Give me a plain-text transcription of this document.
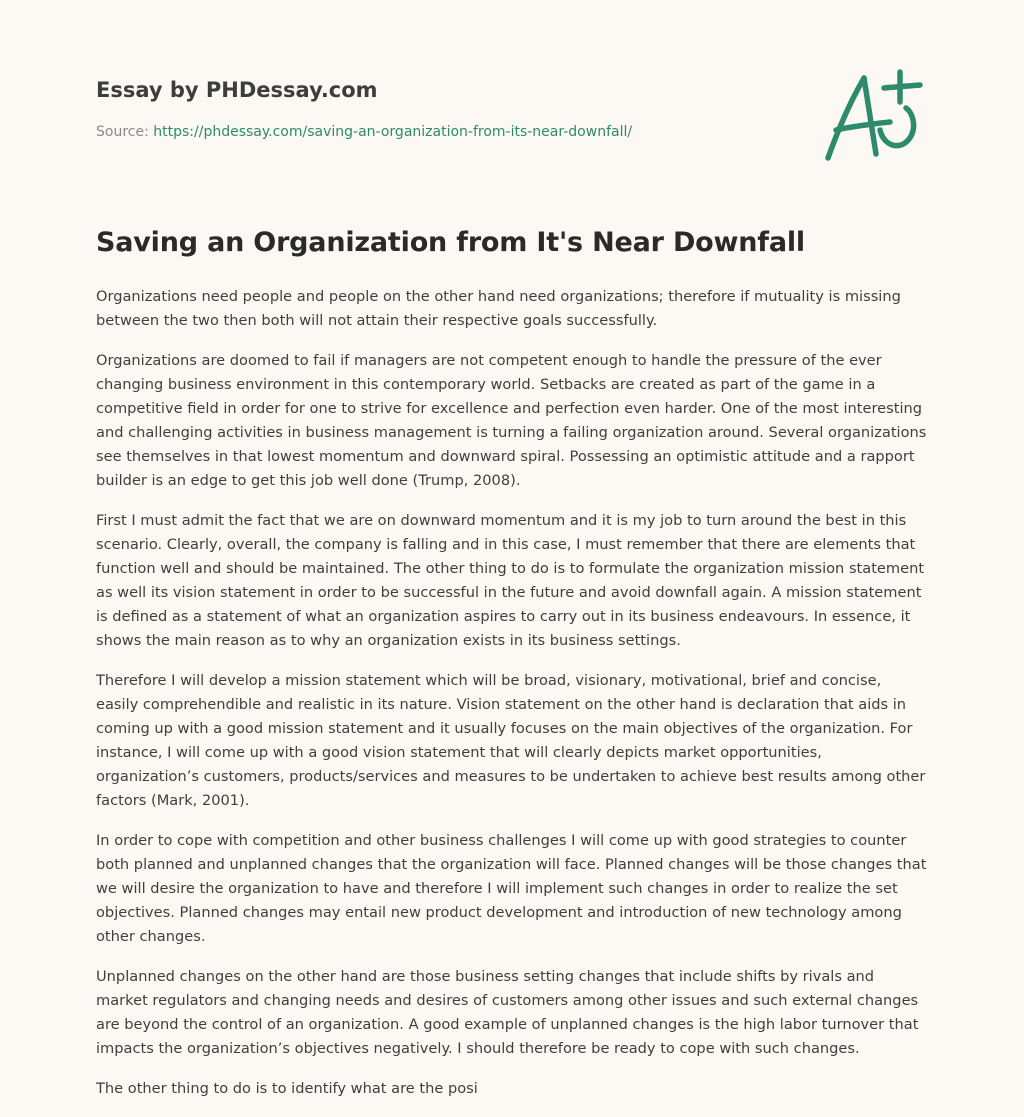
Essay by PHDessay.com
Source: https://phdessay.com/saving-an-organization-from-its-near-downfall/
Saving an Organization from It's Near Downfall

Organizations need people and people on the other hand need organizations; therefore if mutuality is missing between the two then both will not attain their respective goals successfully.

Organizations are doomed to fail if managers are not competent enough to handle the pressure of the ever changing business environment in this contemporary world. Setbacks are created as part of the game in a competitive field in order for one to strive for excellence and perfection even harder. One of the most interesting and challenging activities in business management is turning a failing organization around. Several organizations see themselves in that lowest momentum and downward spiral. Possessing an optimistic attitude and a rapport builder is an edge to get this job well done (Trump, 2008).

First I must admit the fact that we are on downward momentum and it is my job to turn around the best in this scenario. Clearly, overall, the company is falling and in this case, I must remember that there are elements that function well and should be maintained. The other thing to do is to formulate the organization mission statement as well its vision statement in order to be successful in the future and avoid downfall again. A mission statement is defined as a statement of what an organization aspires to carry out in its business endeavours. In essence, it shows the main reason as to why an organization exists in its business settings.

Therefore I will develop a mission statement which will be broad, visionary, motivational, brief and concise, easily comprehendible and realistic in its nature. Vision statement on the other hand is declaration that aids in coming up with a good mission statement and it usually focuses on the main objectives of the organization. For instance, I will come up with a good vision statement that will clearly depicts market opportunities, organization’s customers, products/services and measures to be undertaken to achieve best results among other factors (Mark, 2001).

In order to cope with competition and other business challenges I will come up with good strategies to counter both planned and unplanned changes that the organization will face. Planned changes will be those changes that we will desire the organization to have and therefore I will implement such changes in order to realize the set objectives. Planned changes may entail new product development and introduction of new technology among other changes.

Unplanned changes on the other hand are those business setting changes that include shifts by rivals and market regulators and changing needs and desires of customers among other issues and such external changes are beyond the control of an organization. A good example of unplanned changes is the high labor turnover that impacts the organization’s objectives negatively. I should therefore be ready to cope with such changes.

The other thing to do is to identify what are the posi
